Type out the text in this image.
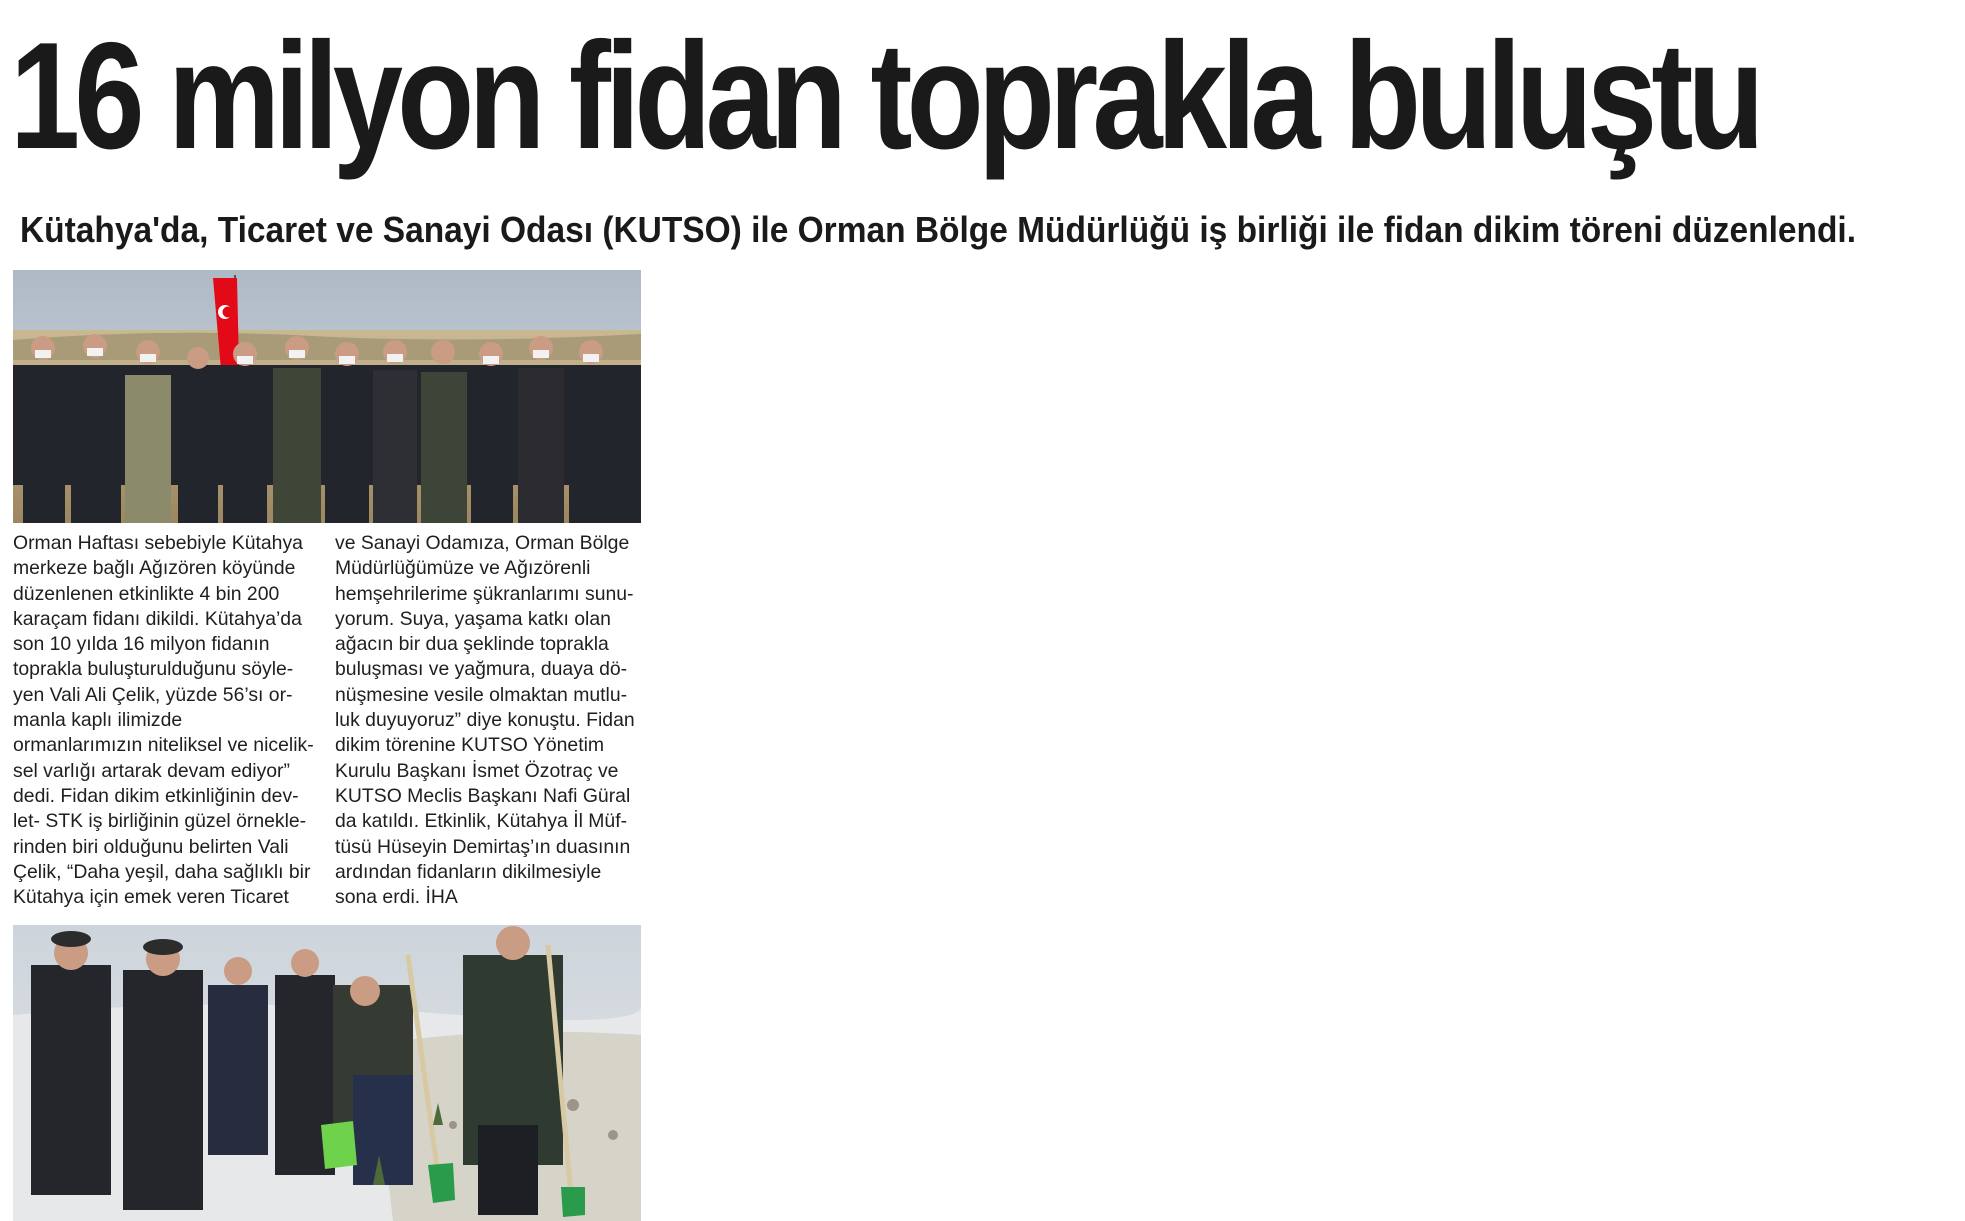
16 milyon fidan toprakla buluştu
Kütahya'da, Ticaret ve Sanayi Odası (KUTSO) ile Orman Bölge Müdürlüğü iş birliği ile fidan dikim töreni düzenlendi.

Orman Haftası sebebiyle Kütahya
merkeze bağlı Ağızören köyünde
düzenlenen etkinlikte 4 bin 200
karaçam fidanı dikildi. Kütahya’da
son 10 yılda 16 milyon fidanın
toprakla buluşturulduğunu söyle-
yen Vali Ali Çelik, yüzde 56’sı or-
manla kaplı ilimizde
ormanlarımızın niteliksel ve nicelik-
sel varlığı artarak devam ediyor”
dedi. Fidan dikim etkinliğinin dev-
let- STK iş birliğinin güzel örnekle-
rinden biri olduğunu belirten Vali
Çelik, “Daha yeşil, daha sağlıklı bir
Kütahya için emek veren Ticaret

ve Sanayi Odamıza, Orman Bölge
Müdürlüğümüze ve Ağızörenli
hemşehrilerime şükranlarımı sunu-
yorum. Suya, yaşama katkı olan
ağacın bir dua şeklinde toprakla
buluşması ve yağmura, duaya dö-
nüşmesine vesile olmaktan mutlu-
luk duyuyoruz” diye konuştu. Fidan
dikim törenine KUTSO Yönetim
Kurulu Başkanı İsmet Özotraç ve
KUTSO Meclis Başkanı Nafi Güral
da katıldı. Etkinlik, Kütahya İl Müf-
tüsü Hüseyin Demirtaş’ın duasının
ardından fidanların dikilmesiyle
sona erdi. İHA
